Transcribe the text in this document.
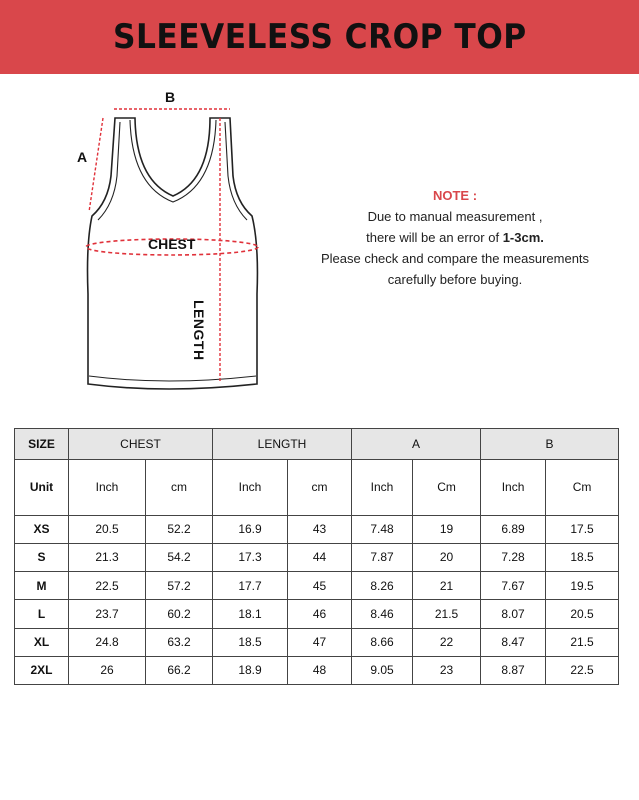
SLEEVELESS CROP TOP
B
A
CHEST
LENGTH
NOTE :
Due to manual measurement ,
there will be an error of 1-3cm.
Please check and compare the measurements
carefully before buying.
SIZE	CHEST		LENGTH		A		B	
Unit	Inch	cm	Inch	cm	Inch	Cm	Inch	Cm
XS	20.5	52.2	16.9	43	7.48	19	6.89	17.5
S	21.3	54.2	17.3	44	7.87	20	7.28	18.5
M	22.5	57.2	17.7	45	8.26	21	7.67	19.5
L	23.7	60.2	18.1	46	8.46	21.5	8.07	20.5
XL	24.8	63.2	18.5	47	8.66	22	8.47	21.5
2XL	26	66.2	18.9	48	9.05	23	8.87	22.5
